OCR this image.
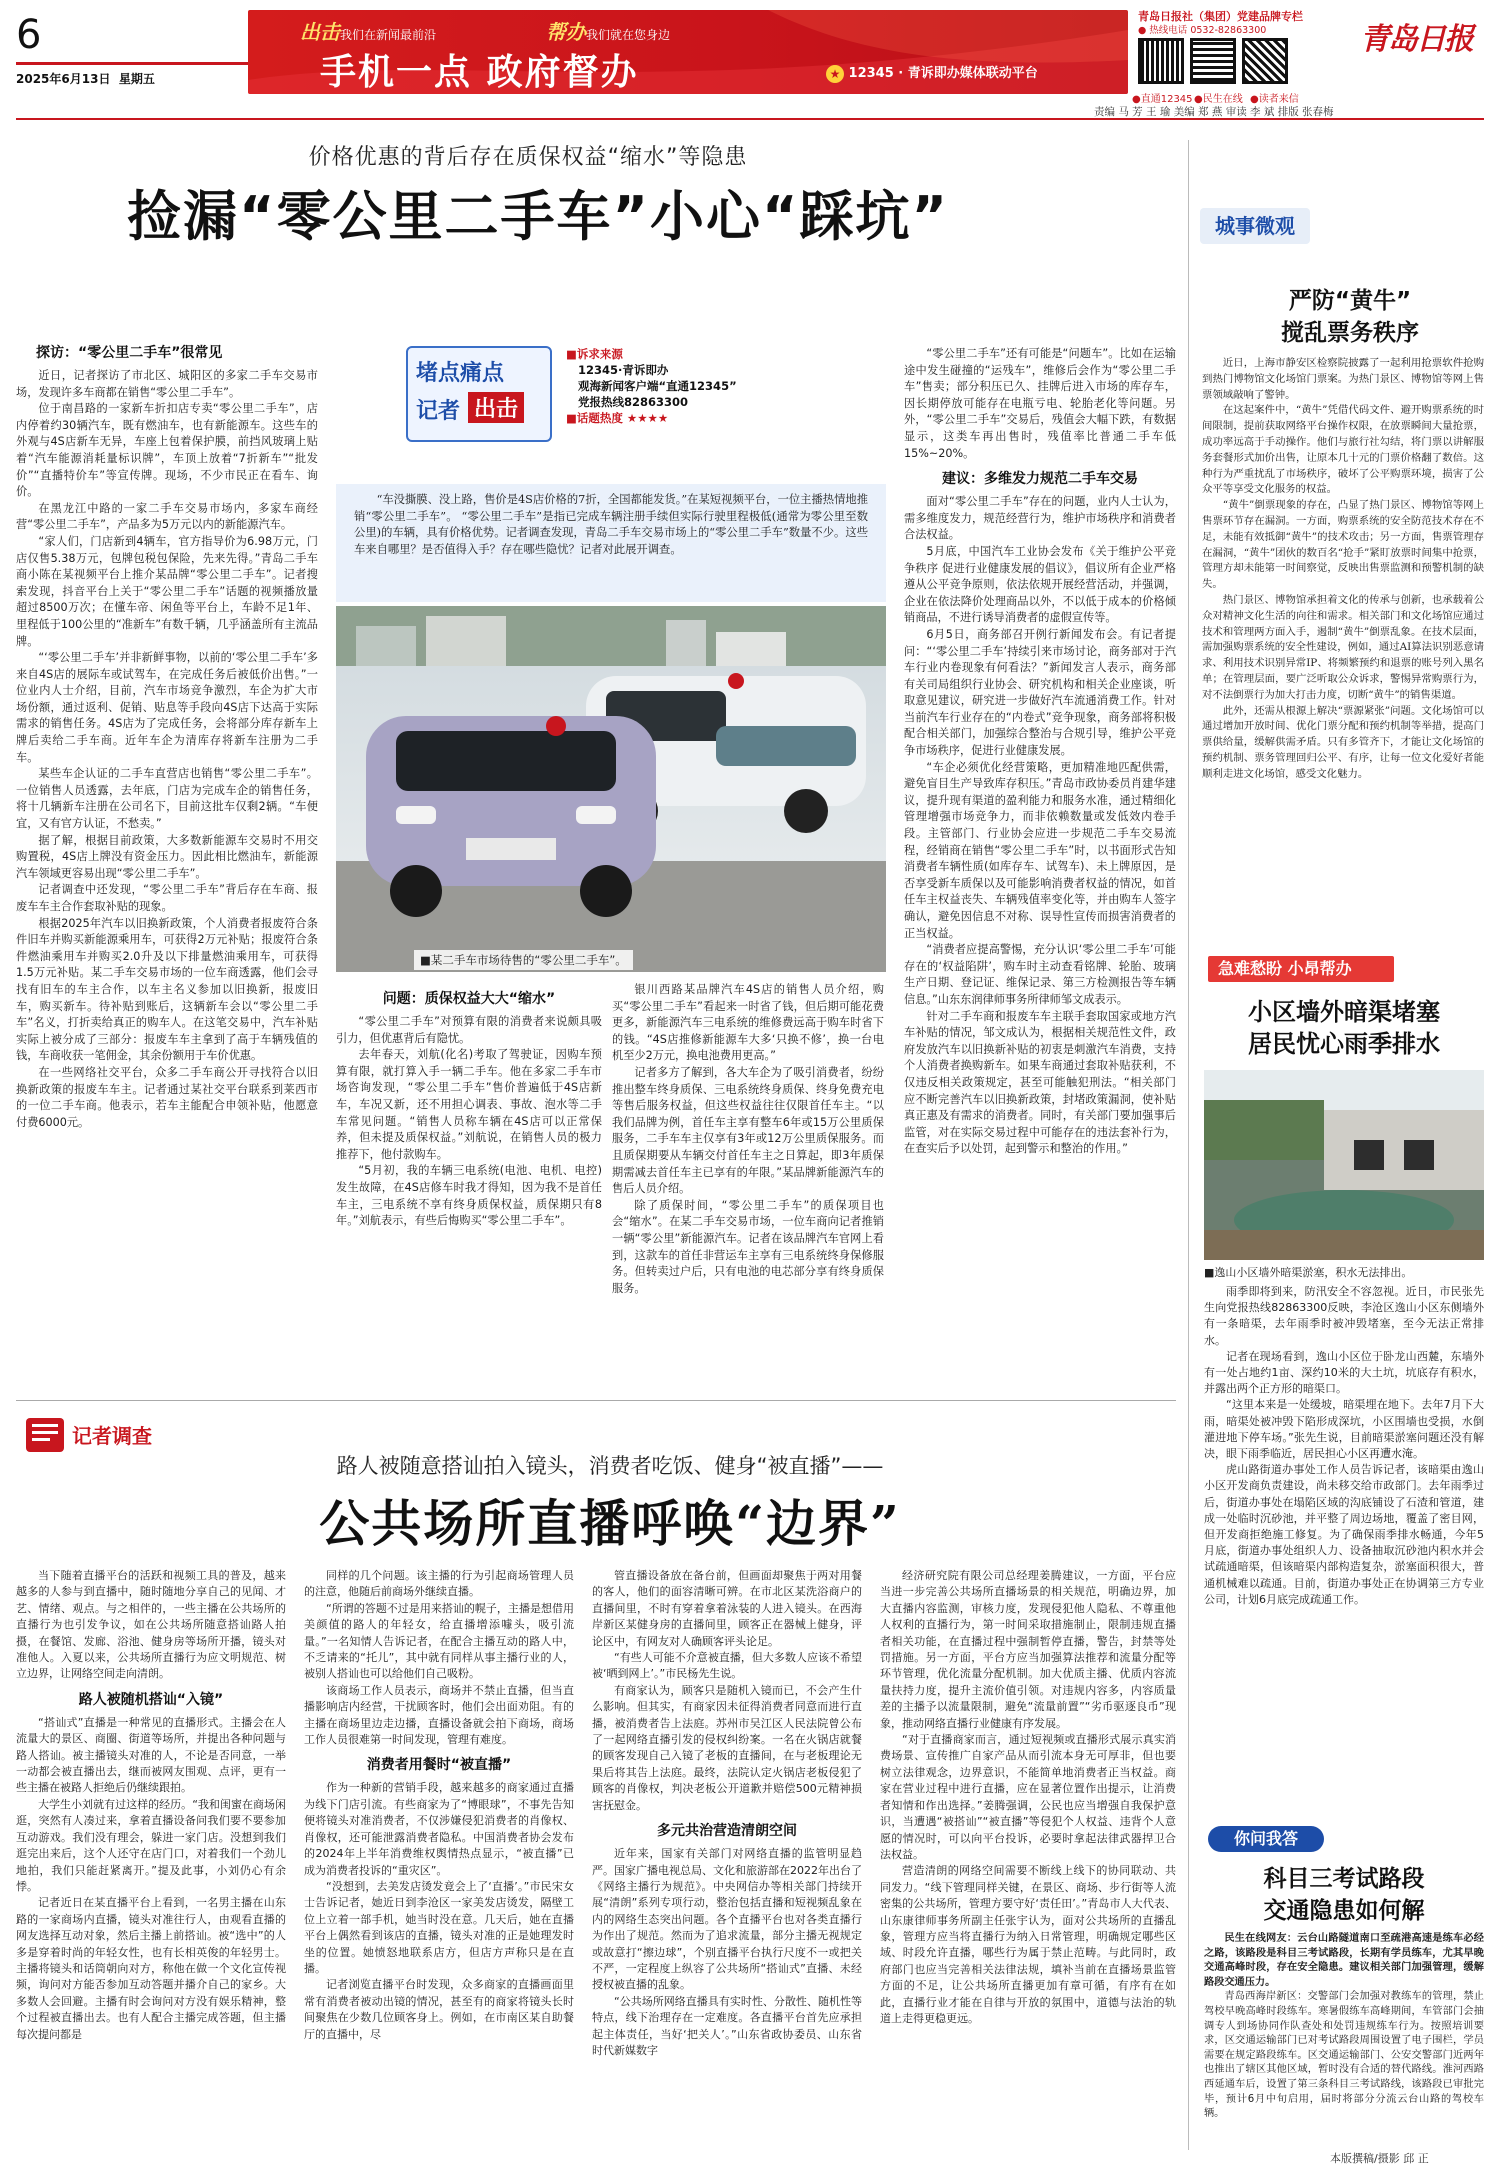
6
2025年6月13日 星期五
出击我们在新闻最前沿	帮办我们就在您身边
手机一点 政府督办	★ 12345 · 青诉即办媒体联动平台
青岛日报社（集团）党建品牌专栏
● 热线电话 0532-82863300
●直通12345 ●民生在线 ●读者来信
青岛日报
责编 马 芳 王 瑜 美编 郑 燕 审读 李 斌 排版 张春梅
价格优惠的背后存在质保权益“缩水”等隐患
捡漏“零公里二手车”小心“踩坑”
堵点痛点
记者 出击
■诉求来源
12345·青诉即办
观海新闻客户端“直通12345”
党报热线82863300
■话题热度 ★★★★
“车没撕膜、没上路，售价是4S店价格的7折，全国都能发货。”在某短视频平台，一位主播热情地推销“零公里二手车”。 “零公里二手车”是指已完成车辆注册手续但实际行驶里程极低(通常为零公里至数公里)的车辆，具有价格优势。记者调查发现，青岛二手车交易市场上的“零公里二手车”数量不少。这些车来自哪里？是否值得入手？存在哪些隐忧？记者对此展开调查。
■某二手车市场待售的“零公里二手车”。
探访：“零公里二手车”很常见

近日，记者探访了市北区、城阳区的多家二手车交易市场，发现许多车商都在销售“零公里二手车”。

位于南昌路的一家新车折扣店专卖“零公里二手车”，店内停着约30辆汽车，既有燃油车，也有新能源车。这些车的外观与4S店新车无异，车座上包着保护膜，前挡风玻璃上贴着“汽车能源消耗量标识牌”，车顶上放着“7折新车”“批发价”“直播特价车”等宣传牌。现场，不少市民正在看车、询价。

在黑龙江中路的一家二手车交易市场内，多家车商经营“零公里二手车”，产品多为5万元以内的新能源汽车。

“家人们，门店新到4辆车，官方指导价为6.98万元，门店仅售5.38万元，包牌包税包保险，先来先得。”青岛二手车商小陈在某视频平台上推介某品牌“零公里二手车”。记者搜索发现，抖音平台上关于“零公里二手车”话题的视频播放量超过8500万次；在懂车帝、闲鱼等平台上，车龄不足1年、里程低于100公里的“准新车”有数千辆，几乎涵盖所有主流品牌。

“‘零公里二手车’并非新鲜事物，以前的‘零公里二手车’多来自4S店的展际车或试驾车，在完成任务后被低价出售。”一位业内人士介绍，目前，汽车市场竞争激烈，车企为扩大市场份额，通过返利、促销、贴息等手段向4S店下达高于实际需求的销售任务。4S店为了完成任务，会将部分库存新车上牌后卖给二手车商。近年车企为清库存将新车注册为二手车。

某些车企认证的二手车直营店也销售“零公里二手车”。一位销售人员透露，去年底，门店为完成车企的销售任务，将十几辆新车注册在公司名下，目前这批车仅剩2辆。“车便宜，又有官方认证，不愁卖。”

据了解，根据目前政策，大多数新能源车交易时不用交购置税，4S店上牌没有资金压力。因此相比燃油车，新能源汽车领域更容易出现“零公里二手车”。

记者调查中还发现，“零公里二手车”背后存在车商、报废车车主合作套取补贴的现象。

根据2025年汽车以旧换新政策，个人消费者报废符合条件旧车并购买新能源乘用车，可获得2万元补贴；报废符合条件燃油乘用车并购买2.0升及以下排量燃油乘用车，可获得1.5万元补贴。某二手车交易市场的一位车商透露，他们会寻找有旧车的车主合作，以车主名义参加以旧换新，报废旧车，购买新车。待补贴到账后，这辆新车会以“零公里二手车”名义，打折卖给真正的购车人。在这笔交易中，汽车补贴实际上被分成了三部分：报废车车主拿到了高于车辆残值的钱，车商收获一笔佣金，其余份额用于车价优惠。

在一些网络社交平台，众多二手车商公开寻找符合以旧换新政策的报废车车主。记者通过某社交平台联系到莱西市的一位二手车商。他表示，若车主能配合申领补贴，他愿意付费6000元。

问题：质保权益大大“缩水”

“零公里二手车”对预算有限的消费者来说颇具吸引力，但优惠背后有隐忧。

去年春天，刘航(化名)考取了驾驶证，因购车预算有限，就打算入手一辆二手车。他在多家二手车市场咨询发现，“零公里二手车”售价普遍低于4S店新车，车况又新，还不用担心调表、事故、泡水等二手车常见问题。“销售人员称车辆在4S店可以正常保养，但未提及质保权益。”刘航说，在销售人员的极力推荐下，他付款购车。

“5月初，我的车辆三电系统(电池、电机、电控)发生故障，在4S店修车时我才得知，因为我不是首任车主，三电系统不享有终身质保权益，质保期只有8年。”刘航表示，有些后悔购买“零公里二手车”。

银川西路某品牌汽车4S店的销售人员介绍，购买“零公里二手车”看起来一时省了钱，但后期可能花费更多，新能源汽车三电系统的维修费远高于购车时省下的钱。“4S店推修新能源车大多‘只换不修’，换一台电机至少2万元，换电池费用更高。”

记者多方了解到，各大车企为了吸引消费者，纷纷推出整车终身质保、三电系统终身质保、终身免费充电等售后服务权益，但这些权益往往仅限首任车主。“以我们品牌为例，首任车主享有整车6年或15万公里质保服务，二手车车主仅享有3年或12万公里质保服务。而且质保期要从车辆交付首任车主之日算起，即3年质保期需减去首任车主已享有的年限。”某品牌新能源汽车的售后人员介绍。

除了质保时间，“零公里二手车”的质保项目也会“缩水”。在某二手车交易市场，一位车商向记者推销一辆“零公里”新能源汽车。记者在该品牌汽车官网上看到，这款车的首任非营运车主享有三电系统终身保修服务。但转卖过户后，只有电池的电芯部分享有终身质保服务。

“零公里二手车”还有可能是“问题车”。比如在运输途中发生碰撞的“运残车”，维修后会作为“零公里二手车”售卖；部分积压已久、挂牌后进入市场的库存车，因长期停放可能存在电瓶亏电、轮胎老化等问题。另外，“零公里二手车”交易后，残值会大幅下跌，有数据显示，这类车再出售时，残值率比普通二手车低15%~20%。

建议：多维发力规范二手车交易

面对“零公里二手车”存在的问题，业内人士认为，需多维度发力，规范经营行为，维护市场秩序和消费者合法权益。

5月底，中国汽车工业协会发布《关于维护公平竞争秩序 促进行业健康发展的倡议》，倡议所有企业严格遵从公平竞争原则，依法依规开展经营活动，并强调，企业在依法降价处理商品以外，不以低于成本的价格倾销商品，不进行诱导消费者的虚假宣传等。

6月5日，商务部召开例行新闻发布会。有记者提问：“‘零公里二手车’持续引来市场讨论，商务部对于汽车行业内卷现象有何看法？”新闻发言人表示，商务部有关司局组织行业协会、研究机构和相关企业座谈，听取意见建议，研究进一步做好汽车流通消费工作。针对当前汽车行业存在的“内卷式”竞争现象，商务部将积极配合相关部门，加强综合整治与合规引导，维护公平竞争市场秩序，促进行业健康发展。

“车企必须优化经营策略，更加精准地匹配供需，避免盲目生产导致库存积压。”青岛市政协委员肖建华建议，提升现有渠道的盈利能力和服务水准，通过精细化管理增强市场竞争力，而非依赖数量或发低效内卷手段。主管部门、行业协会应进一步规范二手车交易流程，经销商在销售“零公里二手车”时，以书面形式告知消费者车辆性质(如库存车、试驾车)、未上牌原因，是否享受新车质保以及可能影响消费者权益的情况，如首任车主权益丧失、车辆残值率变化等，并由购车人签字确认，避免因信息不对称、误导性宣传而损害消费者的正当权益。

“消费者应提高警惕，充分认识‘零公里二手车’可能存在的‘权益陷阱’，购车时主动查看铭牌、轮胎、玻璃生产日期、登记证、维保记录、第三方检测报告等车辆信息。”山东东润律师事务所律师邹文成表示。

针对二手车商和报废车车主联手套取国家或地方汽车补贴的情况，邹文成认为，根据相关规范性文件，政府发放汽车以旧换新补贴的初衷是刺激汽车消费，支持个人消费者换购新车。如果车商通过套取补贴获利，不仅违反相关政策规定，甚至可能触犯刑法。“相关部门应不断完善汽车以旧换新政策，封堵政策漏洞，使补贴真正惠及有需求的消费者。同时，有关部门要加强事后监管，对在实际交易过程中可能存在的违法套补行为，在查实后予以处罚，起到警示和整治的作用。”

城事微观
严防“黄牛”
搅乱票务秩序

近日，上海市静安区检察院披露了一起利用抢票软件抢购到热门博物馆文化场馆门票案。为热门景区、博物馆等网上售票领域敲响了警钟。

在这起案件中，“黄牛”凭借代码文件、避开购票系统的时间限制，提前获取网络平台操作权限，在放票瞬间大量抢票，成功率远高于手动操作。他们与旅行社勾结，将门票以讲解服务套餐形式加价出售，让原本几十元的门票价格翻了数倍。这种行为严重扰乱了市场秩序，破坏了公平购票环境，损害了公众平等享受文化服务的权益。

“黄牛”倒票现象的存在，凸显了热门景区、博物馆等网上售票环节存在漏洞。一方面，购票系统的安全防范技术存在不足，未能有效抵御“黄牛”的技术攻击；另一方面，售票管理存在漏洞，“黄牛”团伙的数百名“抢手”紧盯放票时间集中抢票，管理方却未能第一时间察觉，反映出售票监测和预警机制的缺失。

热门景区、博物馆承担着文化的传承与创新，也承载着公众对精神文化生活的向往和需求。相关部门和文化场馆应通过技术和管理两方面入手，遏制“黄牛”倒票乱象。在技术层面，需加强购票系统的安全性建设，例如，通过AI算法识别恶意请求、利用技术识别异常IP、将频繁预约和退票的账号列入黑名单；在管理层面，要广泛听取公众诉求，警惕异常购票行为，对不法倒票行为加大打击力度，切断“黄牛”的销售渠道。

此外，还需从根源上解决“票源紧张”问题。文化场馆可以通过增加开放时间、优化门票分配和预约机制等举措，提高门票供给量，缓解供需矛盾。只有多管齐下，才能让文化场馆的预约机制、票务管理回归公平、有序，让每一位文化爱好者能顺利走进文化场馆，感受文化魅力。

急难愁盼 小昂帮办
小区墙外暗渠堵塞
居民忧心雨季排水
■逸山小区墙外暗渠淤塞，积水无法排出。

雨季即将到来，防汛安全不容忽视。近日，市民张先生向党报热线82863300反映，李沧区逸山小区东侧墙外有一条暗渠，去年雨季时被冲毁堵塞，至今无法正常排水。

记者在现场看到，逸山小区位于卧龙山西麓，东墙外有一处占地约1亩、深约10米的大土坑，坑底存有积水，并露出两个正方形的暗渠口。

“这里本来是一处缓坡，暗渠埋在地下。去年7月下大雨，暗渠处被冲毁下陷形成深坑，小区围墙也受损，水倒灌进地下停车场。”张先生说，目前暗渠淤塞问题还没有解决，眼下雨季临近，居民担心小区再遭水淹。

虎山路街道办事处工作人员告诉记者，该暗渠由逸山小区开发商负责建设，尚未移交给市政部门。去年雨季过后，街道办事处在塌陷区域的沟底铺设了石渣和管道，建成一处临时沉砂池，并平整了周边场地，覆盖了密目网，但开发商拒绝施工修复。为了确保雨季排水畅通，今年5月底，街道办事处组织人力、设备抽取沉砂池内积水并会试疏通暗渠，但该暗渠内部构造复杂，淤塞面积很大，普通机械难以疏通。目前，街道办事处正在协调第三方专业公司，计划6月底完成疏通工作。

你问我答
科目三考试路段
交通隐患如何解

民生在线网友：云台山路隧道南口至疏港高速是练车必经之路，该路段是科目三考试路段，长期有学员练车，尤其早晚交通高峰时段，存在安全隐患。建议相关部门加强管理，缓解路段交通压力。

青岛西海岸新区：交警部门会加强对教练车的管理，禁止驾校早晚高峰时段练车。寒暑假练车高峰期间，车管部门会抽调专人到场协同作队查处和处罚违规练车行为。按照培训要求，区交通运输部门已对考试路段周围设置了电子围栏，学员需要在规定路段练车。区交通运输部门、公安交警部门近两年也推出了辖区其他区域，暂时没有合适的替代路线。淮河西路西延通车后，设置了第三条科目三考试路线，该路段已审批完毕，预计6月中旬启用，届时将部分分流云台山路的驾校车辆。

本版撰稿/摄影 邱 正
记者调查
路人被随意搭讪拍入镜头，消费者吃饭、健身“被直播”——
公共场所直播呼唤“边界”

当下随着直播平台的活跃和视频工具的普及，越来越多的人参与到直播中，随时随地分享自己的见闻、才艺、情绪、观点。与之相伴的，一些主播在公共场所的直播行为也引发争议，如在公共场所随意搭讪路人拍摄，在餐馆、发廊、浴池、健身房等场所开播，镜头对准他人。入夏以来，公共场所直播行为应文明规范、树立边界，让网络空间走向清朗。

路人被随机搭讪“入镜”

“搭讪式”直播是一种常见的直播形式。主播会在人流量大的景区、商圈、街道等场所，并提出各种问题与路人搭讪。被主播镜头对准的人，不论是否同意，一举一动都会被直播出去，继而被网友围观、点评，更有一些主播在被路人拒绝后仍继续跟拍。

大学生小刘就有过这样的经历。“我和闺蜜在商场闲逛，突然有人凑过来，拿着直播设备问我们要不要参加互动游戏。我们没有理会，躲进一家门店。没想到我们逛完出来后，这个人还守在店门口，对着我们一个劲儿地拍，我们只能赶紧离开。”提及此事，小刘仍心有余悸。

记者近日在某直播平台上看到，一名男主播在山东路的一家商场内直播，镜头对准往行人，由观看直播的网友选择互动对象，然后主播上前搭讪。被“选中”的人多是穿着时尚的年轻女性，也有长相英俊的年轻男士。主播将镜头和话筒朝向对方，称他在做一个文化宣传视频，询问对方能否参加互动答题并播介自己的家乡。大多数人会回避。主播有时会询问对方没有娱乐精神，整个过程被直播出去。也有人配合主播完成答题，但主播每次提问都是

同样的几个问题。该主播的行为引起商场管理人员的注意，他随后前商场外继续直播。

“所谓的答题不过是用来搭讪的幌子，主播是想借用美颜值的路人的年轻女，给直播增添噱头，吸引流量。”一名知情人告诉记者，在配合主播互动的路人中，不乏请来的“托儿”，其中就有同样从事主播行业的人，被别人搭讪也可以给他们自己吸粉。

该商场工作人员表示，商场并不禁止直播，但当直播影响店内经营，干扰顾客时，他们会出面劝阻。有的主播在商场里边走边播，直播设备就会拍下商场，商场工作人员很难第一时间发现，管理有难度。

消费者用餐时“被直播”

作为一种新的营销手段，越来越多的商家通过直播为线下门店引流。有些商家为了“博眼球”，不事先告知便将镜头对准消费者，不仅涉嫌侵犯消费者的肖像权、肖像权，还可能泄露消费者隐私。中国消费者协会发布的2024年上半年消费维权舆情热点显示，“被直播”已成为消费者投诉的“重灾区”。

“没想到，去美发店烫发竟会上了‘直播’。”市民宋女士告诉记者，她近日到李沧区一家美发店烫发，隔壁工位上立着一部手机，她当时没在意。几天后，她在直播平台上偶然看到该店的直播，镜头对准的正是她理发时坐的位置。她愤怒地联系店方，但店方声称只是在直播。

记者浏览直播平台时发现，众多商家的直播画面里常有消费者被动出镜的情况，甚至有的商家将镜头长时间聚焦在少数几位顾客身上。例如，在市南区某自助餐厅的直播中，尽

管直播设备放在备台前，但画面却聚焦于两对用餐的客人，他们的面容清晰可辨。在市北区某洗浴商户的直播间里，不时有穿着拿着泳装的人进入镜头。在西海岸新区某健身房的直播间里，顾客正在器械上健身，评论区中，有网友对人确顾客评头论足。

“有些人可能不介意被直播，但大多数人应该不希望被‘晒到网上’。”市民杨先生说。

有商家认为，顾客只是随机入镜而已，不会产生什么影响。但其实，有商家因未征得消费者同意而进行直播，被消费者告上法庭。苏州市吴江区人民法院曾公布了一起网络直播引发的侵权纠纷案。一名在火锅店就餐的顾客发现自己入镜了老板的直播间，在与老板理论无果后将其告上法庭。最终，法院认定火锅店老板侵犯了顾客的肖像权，判决老板公开道歉并赔偿500元精神损害抚慰金。

多元共治营造清朗空间

近年来，国家有关部门对网络直播的监管明显趋严。国家广播电视总局、文化和旅游部在2022年出台了《网络主播行为规范》。中央网信办等相关部门持续开展“清朗”系列专项行动，整治包括直播和短视频乱象在内的网络生态突出问题。各个直播平台也对各类直播行为作出了规范。然而为了追求流量，部分主播无视规定或故意打“擦边球”，个别直播平台执行尺度不一或把关不严，一定程度上纵容了公共场所“搭讪式”直播、未经授权被直播的乱象。

“公共场所网络直播具有实时性、分散性、随机性等特点，线下治理存在一定难度。各直播平台首先应承担起主体责任，当好‘把关人’。”山东省政协委员、山东省时代新媒数字

经济研究院有限公司总经理姜腾建议，一方面，平台应当进一步完善公共场所直播场景的相关规范，明确边界，加大直播内容监测，审核力度，发现侵犯他人隐私、不尊重他人权利的直播行为，第一时间采取措施制止，限制违规直播者相关功能，在直播过程中强制暂停直播，警告，封禁等处罚措施。另一方面，平台方应当加强算法推荐和流量分配等环节管理，优化流量分配机制。加大优质主播、优质内容流量扶持力度，提升主流价值引领。对违规内容多，内容质量差的主播予以流量限制，避免“流量前置”“劣币驱逐良币”现象，推动网络直播行业健康有序发展。

“对于直播商家而言，通过短视频或直播形式展示真实消费场景、宣传推广自家产品从而引流本身无可厚非，但也要树立法律观念，边界意识，不能简单地消费者正当权益。商家在营业过程中进行直播，应在显著位置作出提示，让消费者知情和作出选择。”姜腾强调，公民也应当增强自我保护意识，当遭遇“被搭讪”“被直播”等侵犯个人权益、违背个人意愿的情况时，可以向平台投诉，必要时拿起法律武器捍卫合法权益。

营造清朗的网络空间需要不断线上线下的协同联动、共同发力。“线下管理同样关键，在景区、商场、步行街等人流密集的公共场所，管理方要守好‘责任田’。”青岛市人大代表、山东康律师事务所副主任张宇认为，面对公共场所的直播乱象，管理方应当将直播行为纳入日常管理，明确规定哪些区域、时段允许直播，哪些行为属于禁止范畴。与此同时，政府部门也应当完善相关法律法规，填补当前在直播场景监管方面的不足，让公共场所直播更加有章可循，有序有在如此，直播行业才能在自律与开放的氛围中，道德与法治的轨道上走得更稳更远。
